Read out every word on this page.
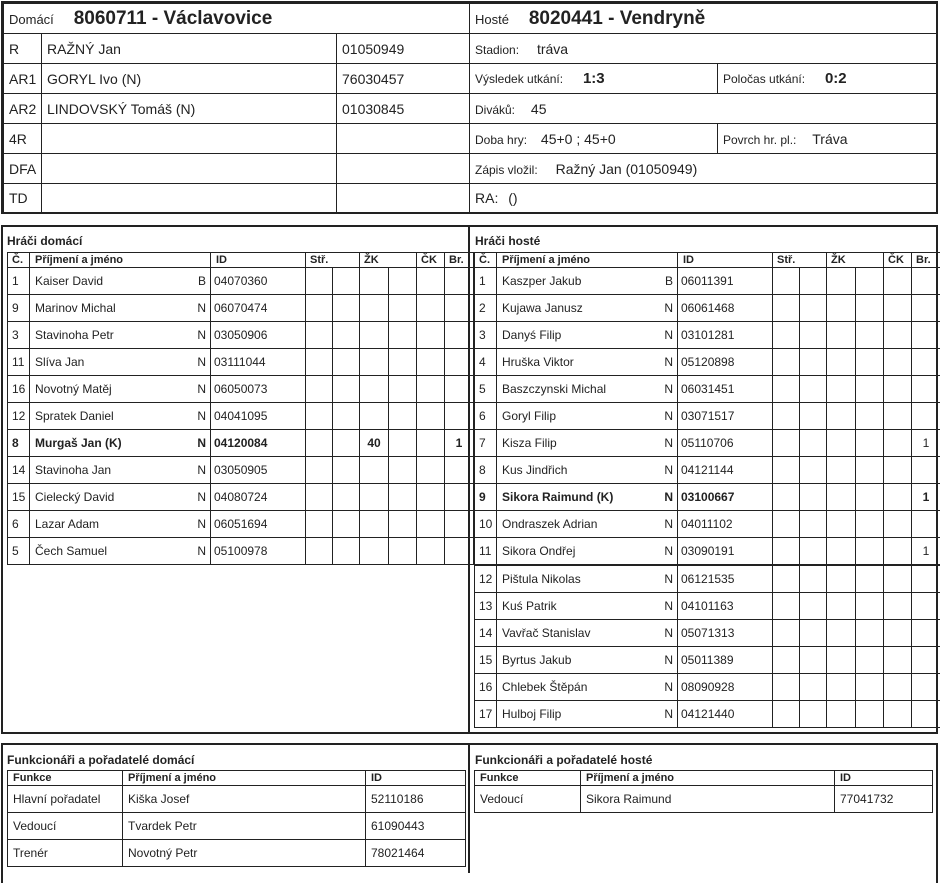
Domácí 8060711 - Václavovice			Hosté 8020441 - Vendryně	
R	RAŽNÝ Jan	01050949	Stadion: tráva	
AR1	GORYL Ivo (N)	76030457	Výsledek utkání: 1:3	Poločas utkání: 0:2
AR2	LINDOVSKÝ Tomáš (N)	01030845	Diváků: 45	
4R			Doba hry: 45+0 ; 45+0	Povrch hr. pl.: Tráva
DFA			Zápis vložil: Ražný Jan (01050949)	
TD			RA: ()	
Hráči domácí
Č.	Příjmení a jméno		ID	Stř.		ŽK		ČK	Br.
1	Kaiser David	B	04070360						
9	Marinov Michal	N	06070474						
3	Stavinoha Petr	N	03050906						
11	Slíva Jan	N	03111044						
16	Novotný Matěj	N	06050073						
12	Spratek Daniel	N	04041095						
8	Murgaš Jan (K)	N	04120084			40			1
14	Stavinoha Jan	N	03050905						
15	Cielecký David	N	04080724						
6	Lazar Adam	N	06051694						
5	Čech Samuel	N	05100978						
Hráči hosté
Č.	Příjmení a jméno		ID	Stř.		ŽK		ČK	Br.
1	Kaszper Jakub	B	06011391						
2	Kujawa Janusz	N	06061468						
3	Danyś Filip	N	03101281						
4	Hruška Viktor	N	05120898						
5	Baszczynski Michal	N	06031451						
6	Goryl Filip	N	03071517						
7	Kisza Filip	N	05110706						1
8	Kus Jindřich	N	04121144						
9	Sikora Raimund (K)	N	03100667						1
10	Ondraszek Adrian	N	04011102						
11	Sikora Ondřej	N	03090191						1
12	Pištula Nikolas	N	06121535						
13	Kuś Patrik	N	04101163						
14	Vavřač Stanislav	N	05071313						
15	Byrtus Jakub	N	05011389						
16	Chlebek Štěpán	N	08090928						
17	Hulboj Filip	N	04121440						
Funkcionáři a pořadatelé domácí
Funkce	Příjmení a jméno	ID
Hlavní pořadatel	Kiška Josef	52110186
Vedoucí	Tvardek Petr	61090443
Trenér	Novotný Petr	78021464
Funkcionáři a pořadatelé hosté
Funkce	Příjmení a jméno	ID
Vedoucí	Sikora Raimund	77041732
